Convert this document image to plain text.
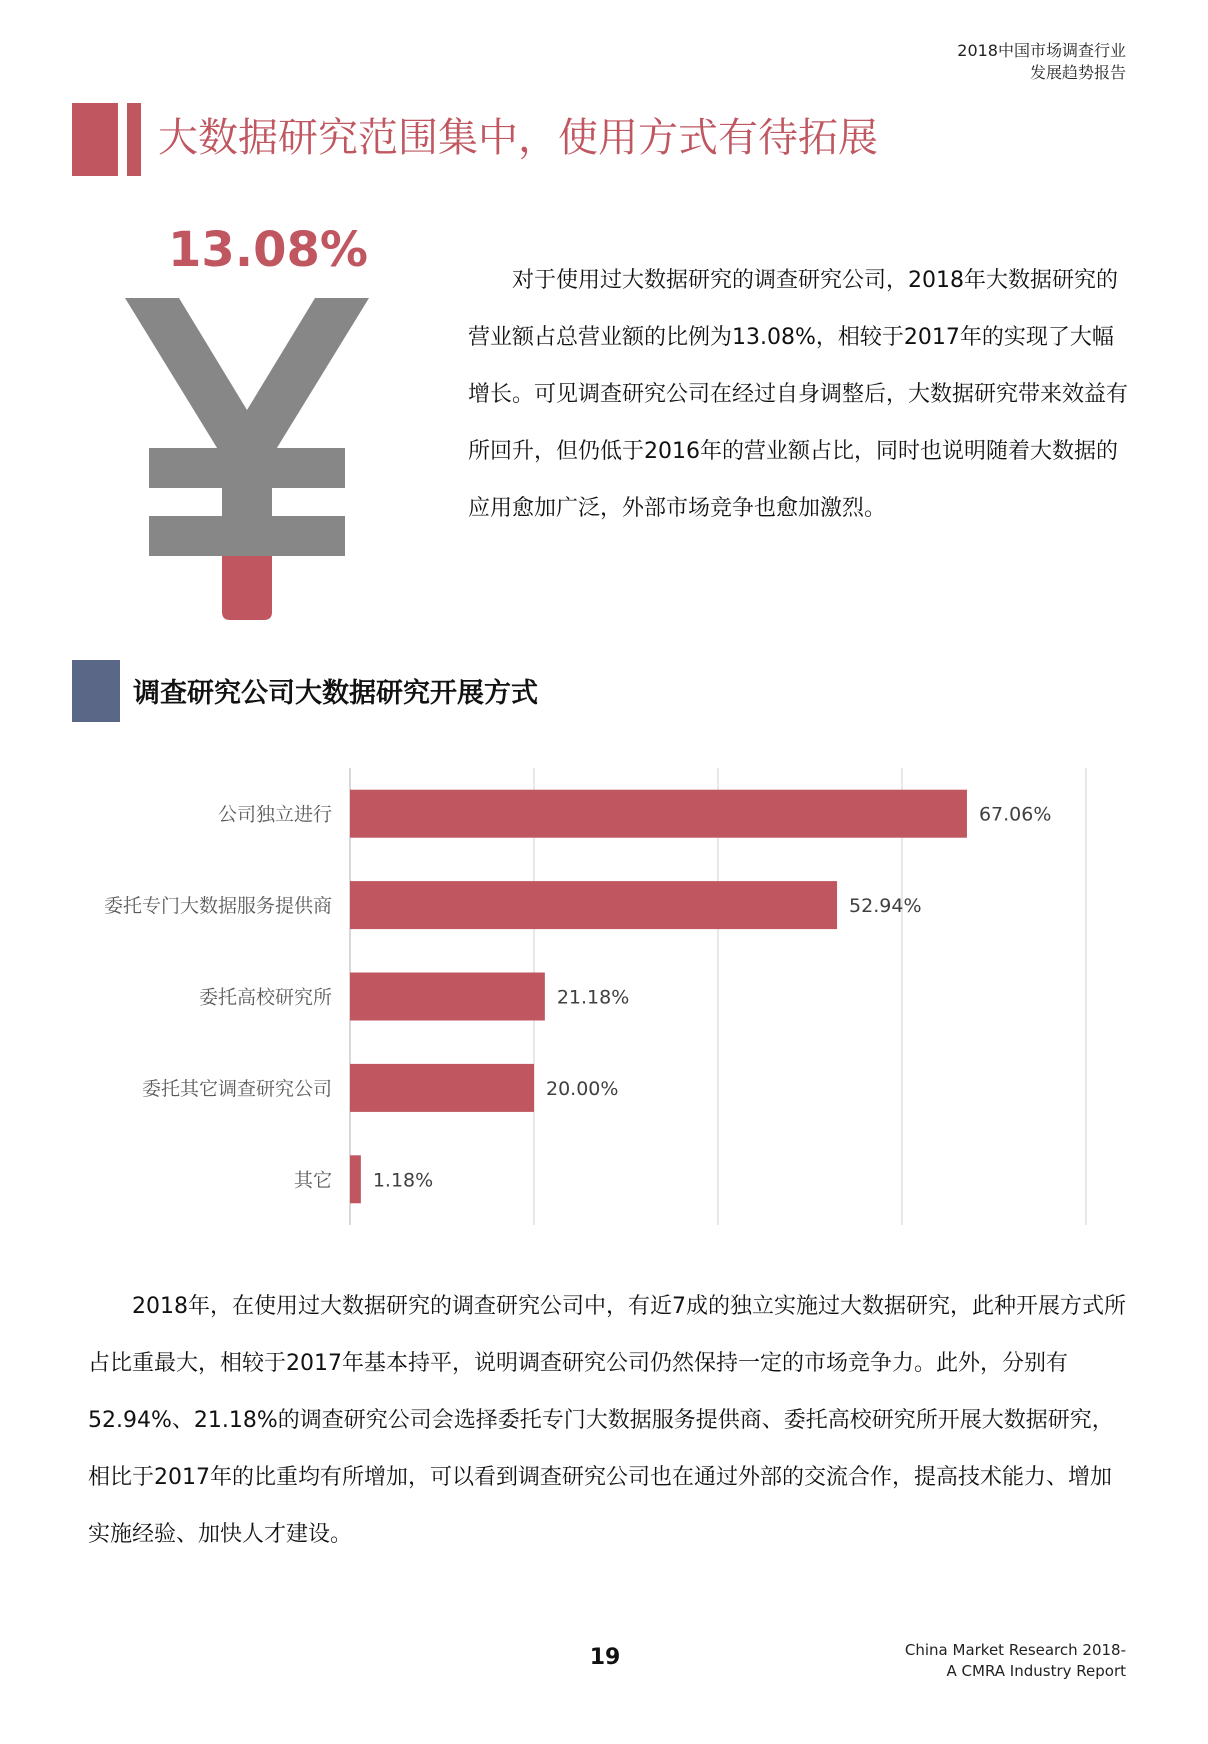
2018中国市场调查行业
发展趋势报告
大数据研究范围集中，使用方式有待拓展
13.08%
对于使用过大数据研究的调查研究公司，2018年大数据研究的营业额占总营业额的比例为13.08%，相较于2017年的实现了大幅增长。可见调查研究公司在经过自身调整后，大数据研究带来效益有所回升，但仍低于2016年的营业额占比，同时也说明随着大数据的应用愈加广泛，外部市场竞争也愈加激烈。
调查研究公司大数据研究开展方式
公司独立进行
委托专门大数据服务提供商
委托高校研究所
委托其它调查研究公司
其它
67.06%
52.94%
21.18%
20.00%
1.18%
2018年，在使用过大数据研究的调查研究公司中，有近7成的独立实施过大数据研究，此种开展方式所占比重最大，相较于2017年基本持平，说明调查研究公司仍然保持一定的市场竞争力。此外，分别有52.94%、21.18%的调查研究公司会选择委托专门大数据服务提供商、委托高校研究所开展大数据研究，相比于2017年的比重均有所增加，可以看到调查研究公司也在通过外部的交流合作，提高技术能力、增加实施经验、加快人才建设。
19	China Market Research 2018-
A CMRA Industry Report
